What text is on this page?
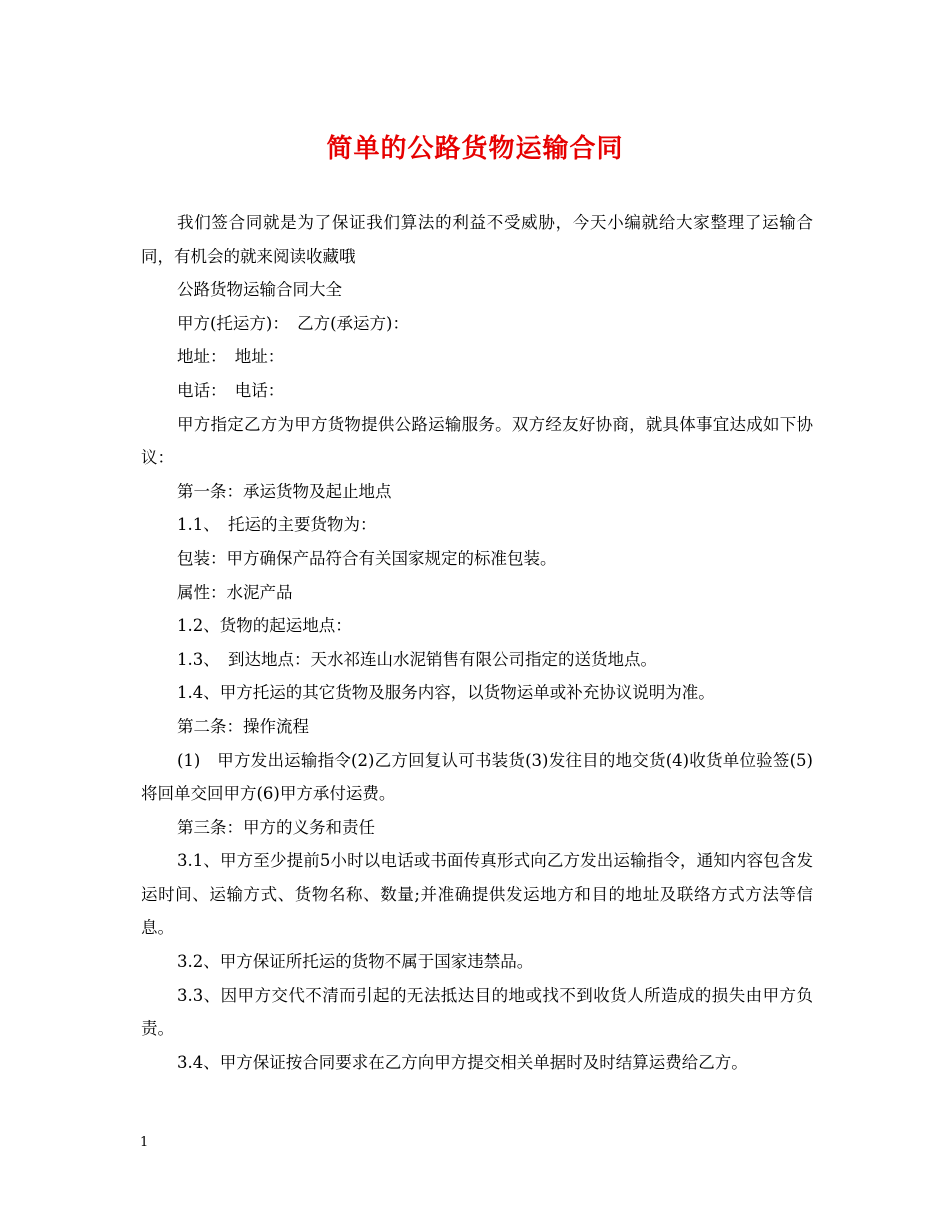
简单的公路货物运输合同

我们签合同就是为了保证我们算法的利益不受威胁，今天小编就给大家整理了运输合同，有机会的就来阅读收藏哦

公路货物运输合同大全

甲方(托运方)：　乙方(承运方)：

地址：　地址：

电话：　电话：

甲方指定乙方为甲方货物提供公路运输服务。双方经友好协商，就具体事宜达成如下协议：

第一条：承运货物及起止地点

1.1、　托运的主要货物为：

包装：甲方确保产品符合有关国家规定的标准包装。

属性：水泥产品

1.2、货物的起运地点：

1.3、　到达地点：天水祁连山水泥销售有限公司指定的送货地点。

1.4、甲方托运的其它货物及服务内容，以货物运单或补充协议说明为准。

第二条：操作流程

(1)　甲方发出运输指令(2)乙方回复认可书装货(3)发往目的地交货(4)收货单位验签(5)将回单交回甲方(6)甲方承付运费。

第三条：甲方的义务和责任

3.1、甲方至少提前5小时以电话或书面传真形式向乙方发出运输指令，通知内容包含发运时间、运输方式、货物名称、数量;并准确提供发运地方和目的地址及联络方式方法等信息。

3.2、甲方保证所托运的货物不属于国家违禁品。

3.3、因甲方交代不清而引起的无法抵达目的地或找不到收货人所造成的损失由甲方负责。

3.4、甲方保证按合同要求在乙方向甲方提交相关单据时及时结算运费给乙方。

1
